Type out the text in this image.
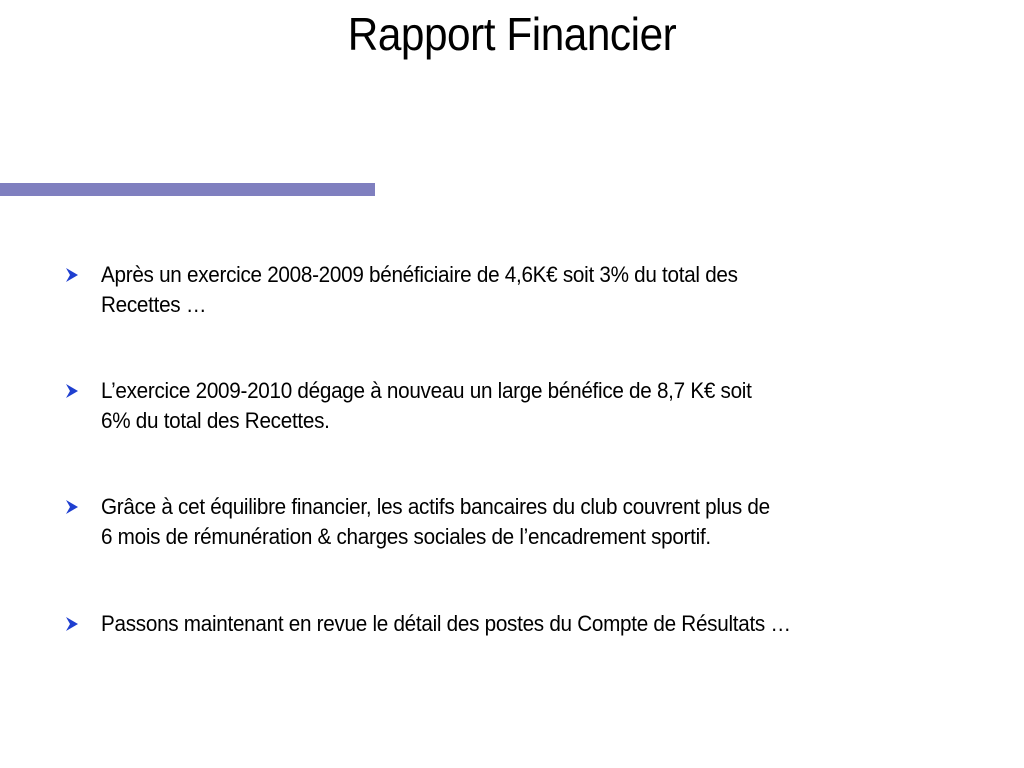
Rapport Financier
Après un exercice 2008-2009 bénéficiaire de 4,6K€ soit 3% du total des
Recettes …
L’exercice 2009-2010 dégage à nouveau un large bénéfice de 8,7 K€ soit
6% du total des Recettes.
Grâce à cet équilibre financier, les actifs bancaires du club couvrent plus de
6 mois de rémunération & charges sociales de l’encadrement sportif.
Passons maintenant en revue le détail des postes du Compte de Résultats …
